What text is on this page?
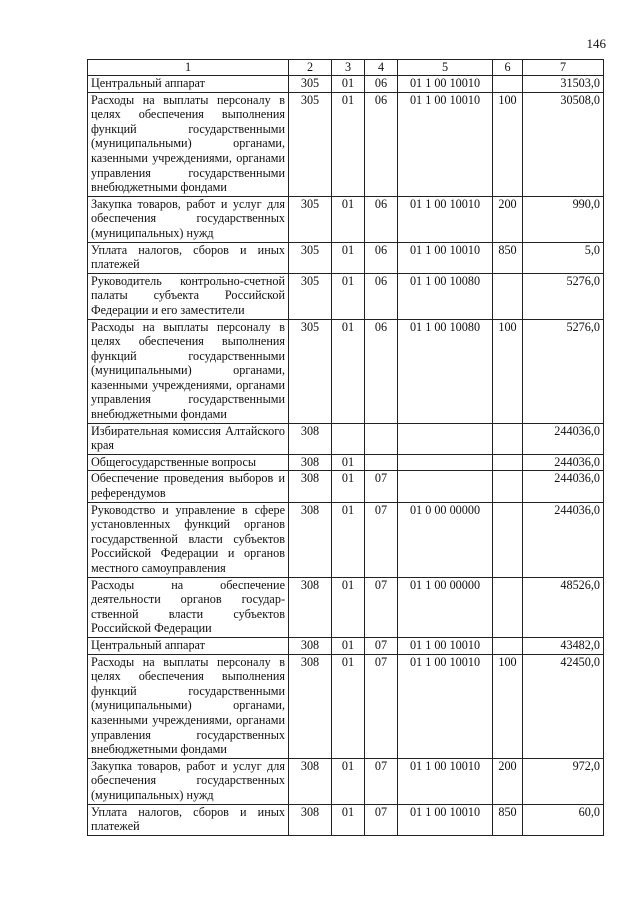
146
1	2	3	4	5	6	7
Центральный аппарат	305	01	06	01 1 00 10010		31503,0
Расходы на выплаты персоналу в целях обеспечения выполнения функций государственными (муниципальными) органами, казенными учреждениями, органами управления государственными внебюджетными фондами	305	01	06	01 1 00 10010	100	30508,0
Закупка товаров, работ и услуг для обеспечения государственных (муниципальных) нужд	305	01	06	01 1 00 10010	200	990,0
Уплата налогов, сборов и иных платежей	305	01	06	01 1 00 10010	850	5,0
Руководитель контрольно-счетной палаты субъекта Российской Федерации и его заместители	305	01	06	01 1 00 10080		5276,0
Расходы на выплаты персоналу в целях обеспечения выполнения функций государственными (муниципальными) органами, казенными учреждениями, органами управления государственными внебюджетными фондами	305	01	06	01 1 00 10080	100	5276,0
Избирательная комиссия Алтайского края	308					244036,0
Общегосударственные вопросы	308	01				244036,0
Обеспечение проведения выборов и референдумов	308	01	07			244036,0
Руководство и управление в сфере установленных функций органов государственной власти субъектов Российской Федерации и органов местного самоуправления	308	01	07	01 0 00 00000		244036,0
Расходы на обеспечение деятельности органов государственной власти субъектов Российской Федерации	308	01	07	01 1 00 00000		48526,0
Центральный аппарат	308	01	07	01 1 00 10010		43482,0
Расходы на выплаты персоналу в целях обеспечения выполнения функций государственными (муниципальными) органами, казенными учреждениями, органами управления государственных внебюджетными фондами	308	01	07	01 1 00 10010	100	42450,0
Закупка товаров, работ и услуг для обеспечения государственных (муниципальных) нужд	308	01	07	01 1 00 10010	200	972,0
Уплата налогов, сборов и иных платежей	308	01	07	01 1 00 10010	850	60,0
